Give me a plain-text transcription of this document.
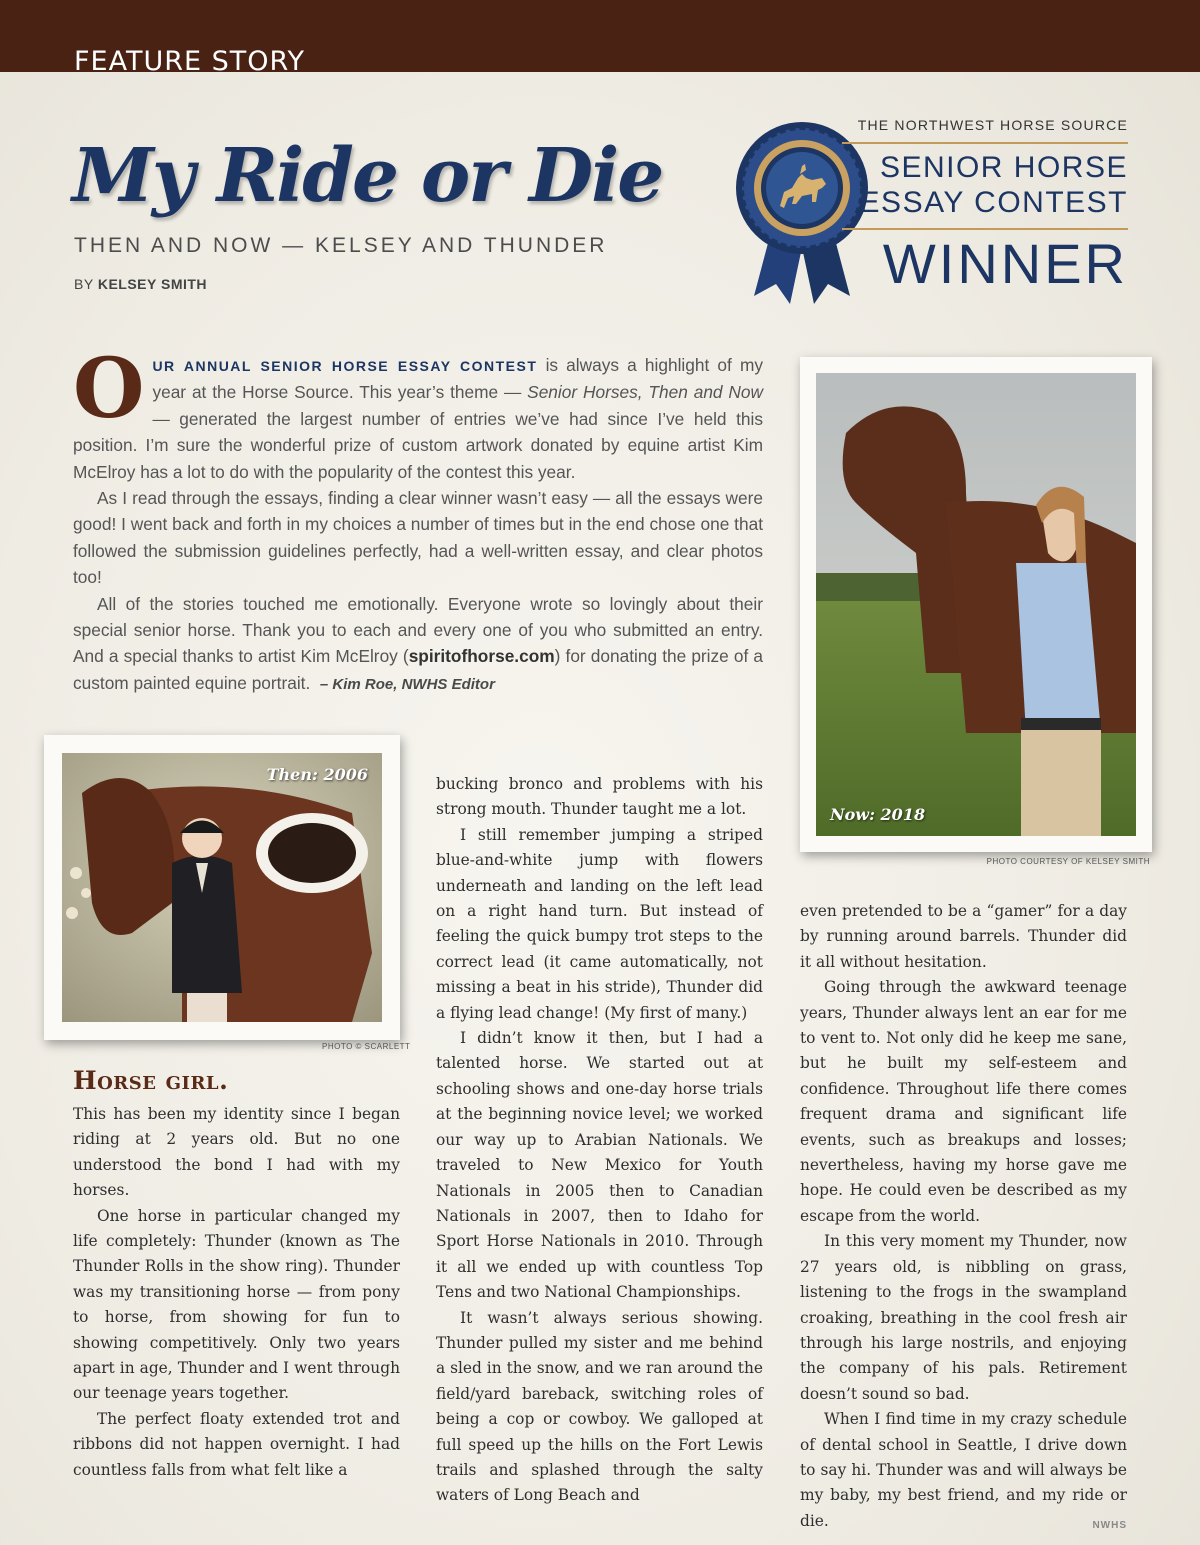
FEATURE STORY
My Ride or Die
THEN AND NOW — KELSEY AND THUNDER
BY KELSEY SMITH
THE NORTHWEST HORSE SOURCE
SENIOR HORSE
ESSAY CONTEST
WINNER

OUR ANNUAL SENIOR HORSE ESSAY CONTEST is always a highlight of my year at the Horse Source. This year’s theme — Senior Horses, Then and Now — generated the largest number of entries we’ve had since I’ve held this position. I’m sure the wonderful prize of custom artwork donated by equine artist Kim McElroy has a lot to do with the popularity of the contest this year.

As I read through the essays, finding a clear winner wasn’t easy — all the essays were good! I went back and forth in my choices a number of times but in the end chose one that followed the submission guidelines perfectly, had a well-written essay, and clear photos too!

All of the stories touched me emotionally. Everyone wrote so lovingly about their special senior horse. Thank you to each and every one of you who submitted an entry. And a special thanks to artist Kim McElroy (spiritofhorse.com) for donating the prize of a custom painted equine portrait. – Kim Roe, NWHS Editor

Now: 2018
PHOTO COURTESY OF KELSEY SMITH
Then: 2006
PHOTO © SCARLETT
Horse girl.

This has been my identity since I began riding at 2 years old. But no one understood the bond I had with my horses.

One horse in particular changed my life completely: Thunder (known as The Thunder Rolls in the show ring). Thunder was my transitioning horse — from pony to horse, from showing for fun to showing competitively. Only two years apart in age, Thunder and I went through our teenage years together.

The perfect floaty extended trot and ribbons did not happen overnight. I had countless falls from what felt like a

bucking bronco and problems with his strong mouth. Thunder taught me a lot.

I still remember jumping a striped blue-and-white jump with flowers underneath and landing on the left lead on a right hand turn. But instead of feeling the quick bumpy trot steps to the correct lead (it came automatically, not missing a beat in his stride), Thunder did a flying lead change! (My first of many.)

I didn’t know it then, but I had a talented horse. We started out at schooling shows and one-day horse trials at the beginning novice level; we worked our way up to Arabian Nationals. We traveled to New Mexico for Youth Nationals in 2005 then to Canadian Nationals in 2007, then to Idaho for Sport Horse Nationals in 2010. Through it all we ended up with countless Top Tens and two National Championships.

It wasn’t always serious showing. Thunder pulled my sister and me behind a sled in the snow, and we ran around the field/yard bareback, switching roles of being a cop or cowboy. We galloped at full speed up the hills on the Fort Lewis trails and splashed through the salty waters of Long Beach and

even pretended to be a “gamer” for a day by running around barrels. Thunder did it all without hesitation.

Going through the awkward teenage years, Thunder always lent an ear for me to vent to. Not only did he keep me sane, but he built my self-esteem and confidence. Throughout life there comes frequent drama and significant life events, such as breakups and losses; nevertheless, having my horse gave me hope. He could even be described as my escape from the world.

In this very moment my Thunder, now 27 years old, is nibbling on grass, listening to the frogs in the swampland croaking, breathing in the cool fresh air through his large nostrils, and enjoying the company of his pals. Retirement doesn’t sound so bad.

When I find time in my crazy schedule of dental school in Seattle, I drive down to say hi. Thunder was and will always be my baby, my best friend, and my ride or die.	NWHS
